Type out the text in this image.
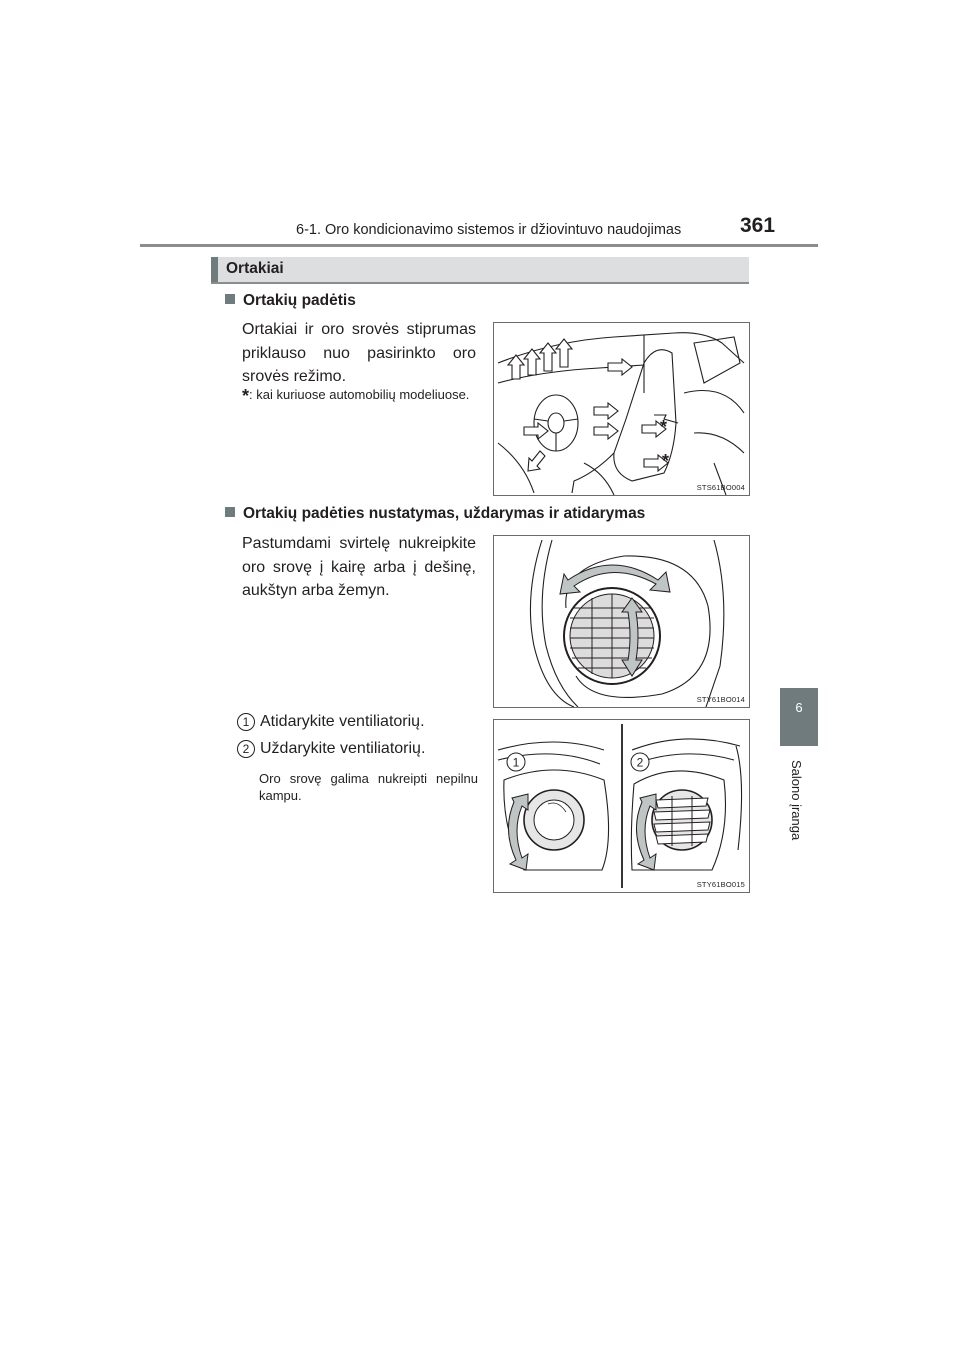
6-1. Oro kondicionavimo sistemos ir džiovintuvo naudojimas	361
6
Salono įranga
Ortakiai
Ortakių padėtis
Ortakiai ir oro srovės stiprumas priklauso nuo pasirinkto oro srovės režimo.
*: kai kuriuose automobilių modeliuose.
*
*
STS61BO004
Ortakių padėties nustatymas, uždarymas ir atidarymas
Pastumdami svirtelę nukreipkite oro srovę į kairę arba į dešinę, aukštyn arba žemyn.
STY61BO014
1 Atidarykite ventiliatorių.
2 Uždarykite ventiliatorių.
Oro srovę galima nukreipti nepilnu kampu.
1	2
STY61BO015
